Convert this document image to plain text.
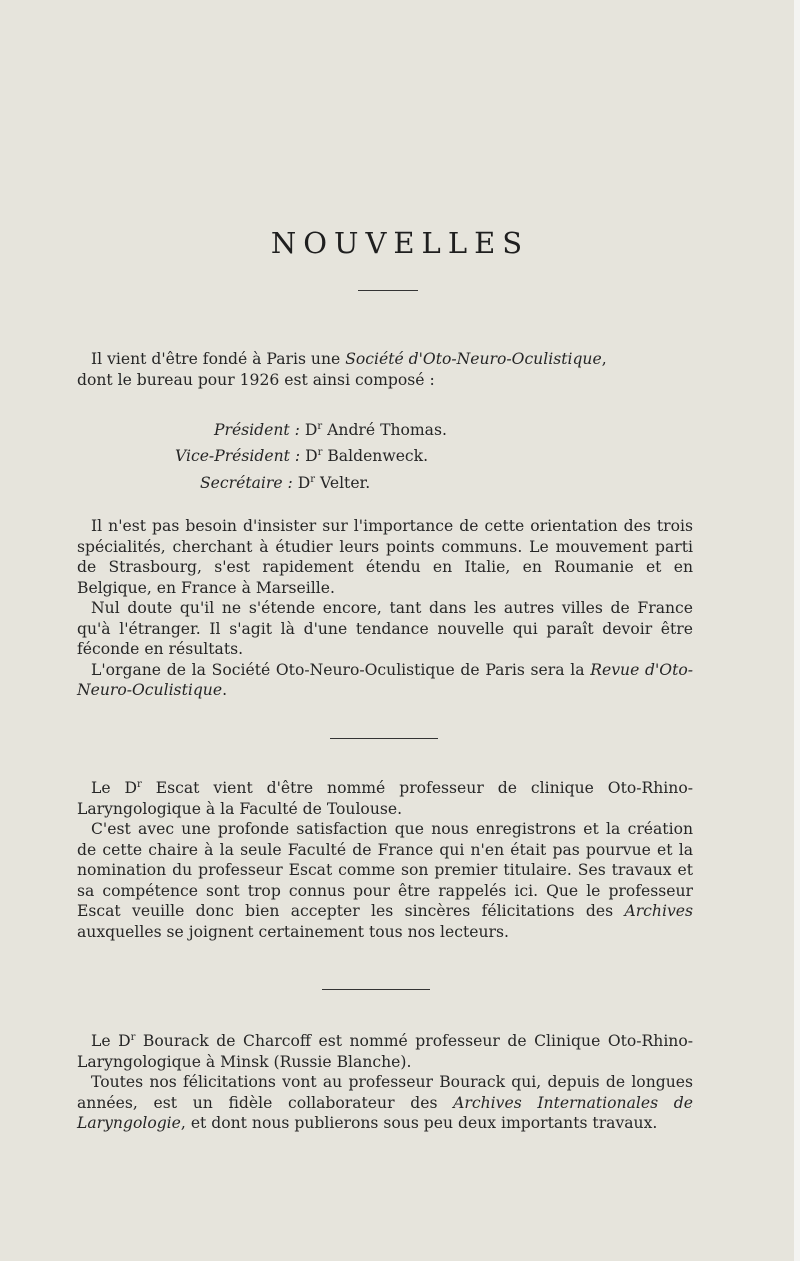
NOUVELLES

Il vient d'être fondé à Paris une Société d'Oto-Neuro-Oculistique,

dont le bureau pour 1926 est ainsi composé :

Président : $D^r$ André Thomas.
Vice-Président : $D^r$ Baldenweck.
Secrétaire : $D^r$ Velter.

Il n'est pas besoin d'insister sur l'importance de cette orientation des trois spécialités, cherchant à étudier leurs points communs. Le mouvement parti de Strasbourg, s'est rapidement étendu en Italie, en Roumanie et en Belgique, en France à Marseille.

Nul doute qu'il ne s'étende encore, tant dans les autres villes de France qu'à l'étranger. Il s'agit là d'une tendance nouvelle qui paraît devoir être féconde en résultats.

L'organe de la Société Oto-Neuro-Oculistique de Paris sera la Revue d'Oto-Neuro-Oculistique.

Le $D^r$ Escat vient d'être nommé professeur de clinique Oto-Rhino-Laryngologique à la Faculté de Toulouse.

C'est avec une profonde satisfaction que nous enregistrons et la création de cette chaire à la seule Faculté de France qui n'en était pas pourvue et la nomination du professeur Escat comme son premier titulaire. Ses travaux et sa compétence sont trop connus pour être rappelés ici. Que le professeur Escat veuille donc bien accepter les sincères félicitations des Archives auxquelles se joignent certainement tous nos lecteurs.

Le $D^r$ Bourack de Charcoff est nommé professeur de Clinique Oto-Rhino-Laryngologique à Minsk (Russie Blanche).

Toutes nos félicitations vont au professeur Bourack qui, depuis de longues années, est un fidèle collaborateur des Archives Internationales de Laryngologie, et dont nous publierons sous peu deux importants travaux.
